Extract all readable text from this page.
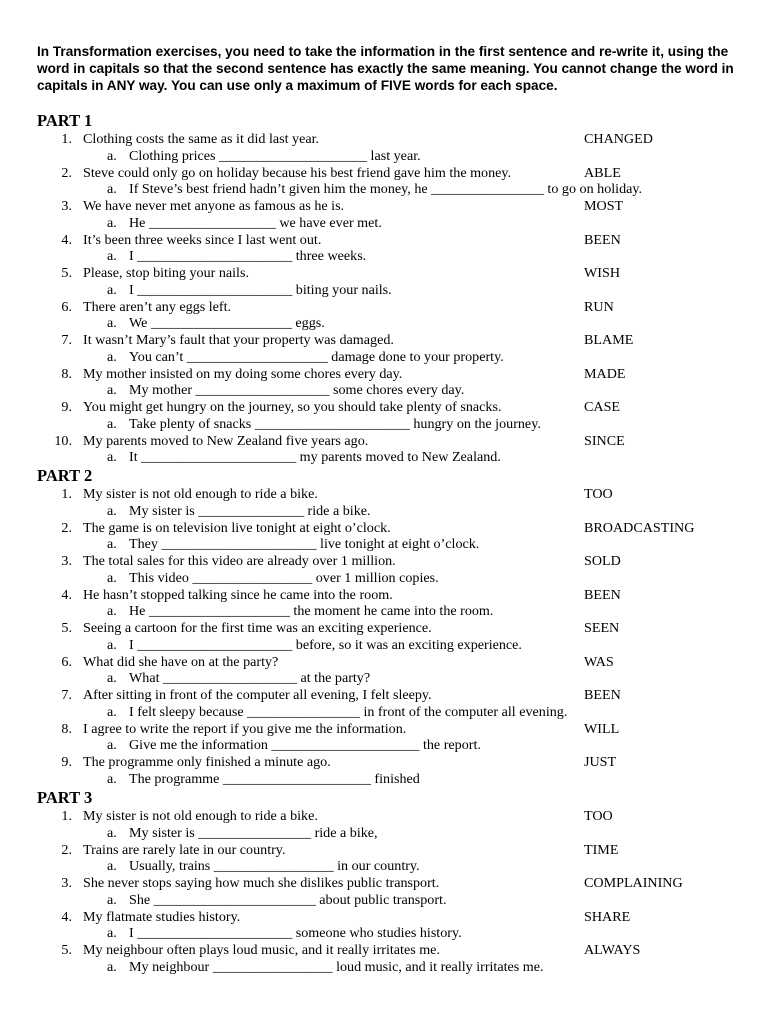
In Transformation exercises, you need to take the information in the first sentence and re-write it, using the word in capitals so that the second sentence has exactly the same meaning. You cannot change the word in capitals in ANY way. You can use only a maximum of FIVE words for each space.
PART 1
1. Clothing costs the same as it did last year.	CHANGED
a. Clothing prices _____________________ last year.
2. Steve could only go on holiday because his best friend gave him the money.	ABLE
a. If Steve’s best friend hadn’t given him the money, he ________________ to go on holiday.
3. We have never met anyone as famous as he is.	MOST
a. He __________________ we have ever met.
4. It’s been three weeks since I last went out.	BEEN
a. I ______________________ three weeks.
5. Please, stop biting your nails.	WISH
a. I ______________________ biting your nails.
6. There aren’t any eggs left.	RUN
a. We ____________________ eggs.
7. It wasn’t Mary’s fault that your property was damaged.	BLAME
a. You can’t ____________________ damage done to your property.
8. My mother insisted on my doing some chores every day.	MADE
a. My mother ___________________ some chores every day.
9. You might get hungry on the journey, so you should take plenty of snacks.	CASE
a. Take plenty of snacks ______________________ hungry on the journey.
10. My parents moved to New Zealand five years ago.	SINCE
a. It ______________________ my parents moved to New Zealand.
PART 2
1. My sister is not old enough to ride a bike.	TOO
a. My sister is _______________ ride a bike.
2. The game is on television live tonight at eight o’clock.	BROADCASTING
a. They ______________________ live tonight at eight o’clock.
3. The total sales for this video are already over 1 million.	SOLD
a. This video _________________ over 1 million copies.
4. He hasn’t stopped talking since he came into the room.	BEEN
a. He ____________________ the moment he came into the room.
5. Seeing a cartoon for the first time was an exciting experience.	SEEN
a. I ______________________ before, so it was an exciting experience.
6. What did she have on at the party?	WAS
a. What ___________________ at the party?
7. After sitting in front of the computer all evening, I felt sleepy.	BEEN
a. I felt sleepy because ________________ in front of the computer all evening.
8. I agree to write the report if you give me the information.	WILL
a. Give me the information _____________________ the report.
9. The programme only finished a minute ago.	JUST
a. The programme _____________________ finished
PART 3
1. My sister is not old enough to ride a bike.	TOO
a. My sister is ________________ ride a bike,
2. Trains are rarely late in our country.	TIME
a. Usually, trains _________________ in our country.
3. She never stops saying how much she dislikes public transport.	COMPLAINING
a. She _______________________ about public transport.
4. My flatmate studies history.	SHARE
a. I ______________________ someone who studies history.
5. My neighbour often plays loud music, and it really irritates me.	ALWAYS
a. My neighbour _________________ loud music, and it really irritates me.
